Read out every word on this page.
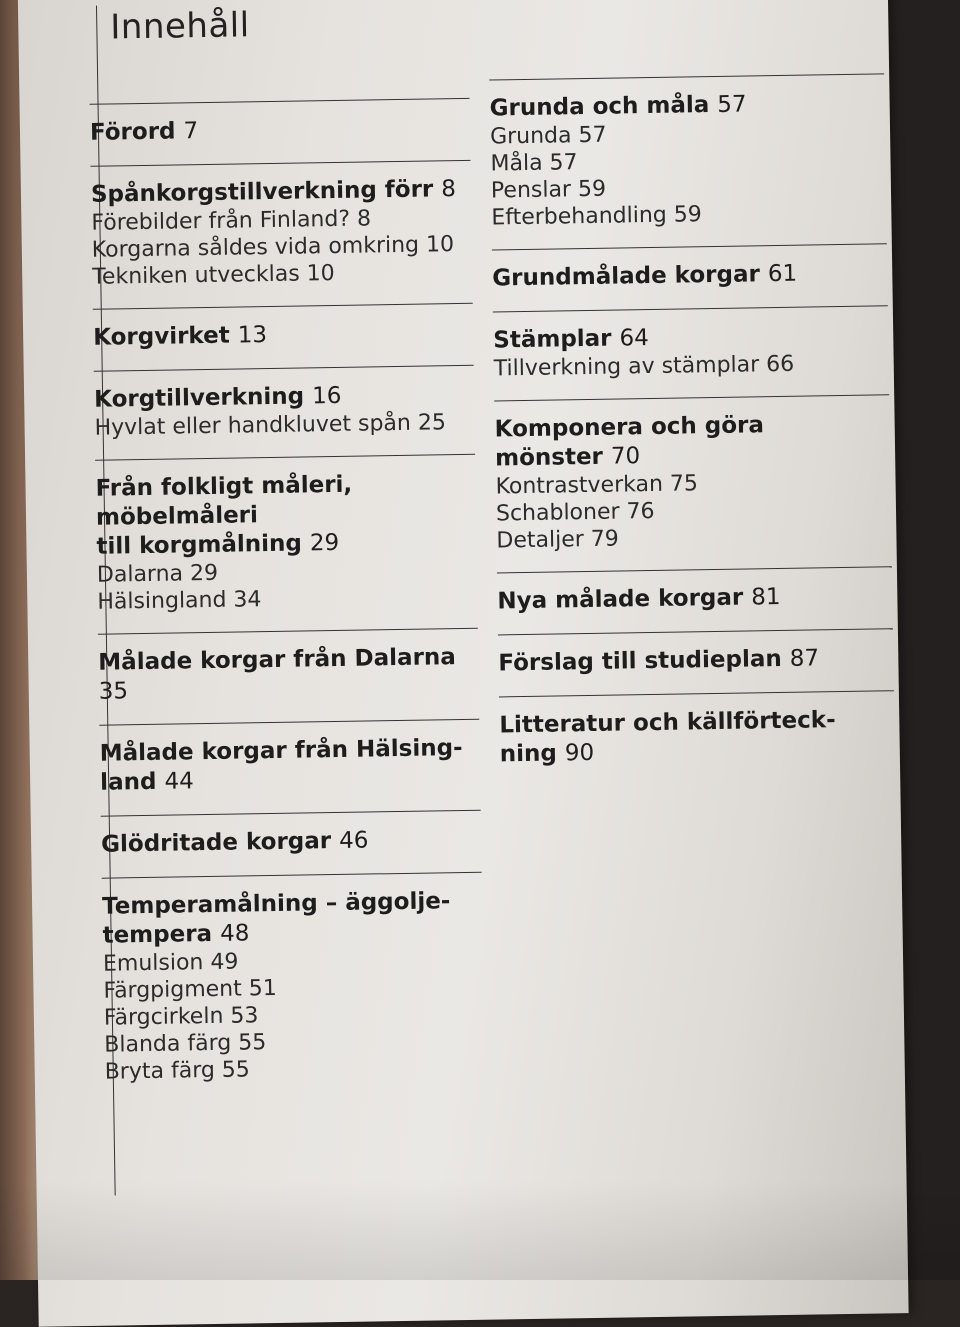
Innehåll
Förord 7
Spånkorgstillverkning förr 8
Förebilder från Finland? 8
Korgarna såldes vida omkring 10
Tekniken utvecklas 10
Korgvirket 13
Korgtillverkning 16
Hyvlat eller handkluvet spån 25
Från folkligt måleri,
möbelmåleri
till korgmålning 29
Dalarna 29
Hälsingland 34
Målade korgar från Dalarna 35
Målade korgar från Hälsing-
land 44
Glödritade korgar 46
Temperamålning – äggolje-
tempera 48
Emulsion 49
Färgpigment 51
Färgcirkeln 53
Blanda färg 55
Bryta färg 55
Grunda och måla 57
Grunda 57
Måla 57
Penslar 59
Efterbehandling 59
Grundmålade korgar 61
Stämplar 64
Tillverkning av stämplar 66
Komponera och göra
mönster 70
Kontrastverkan 75
Schabloner 76
Detaljer 79
Nya målade korgar 81
Förslag till studieplan 87
Litteratur och källförteck-
ning 90
